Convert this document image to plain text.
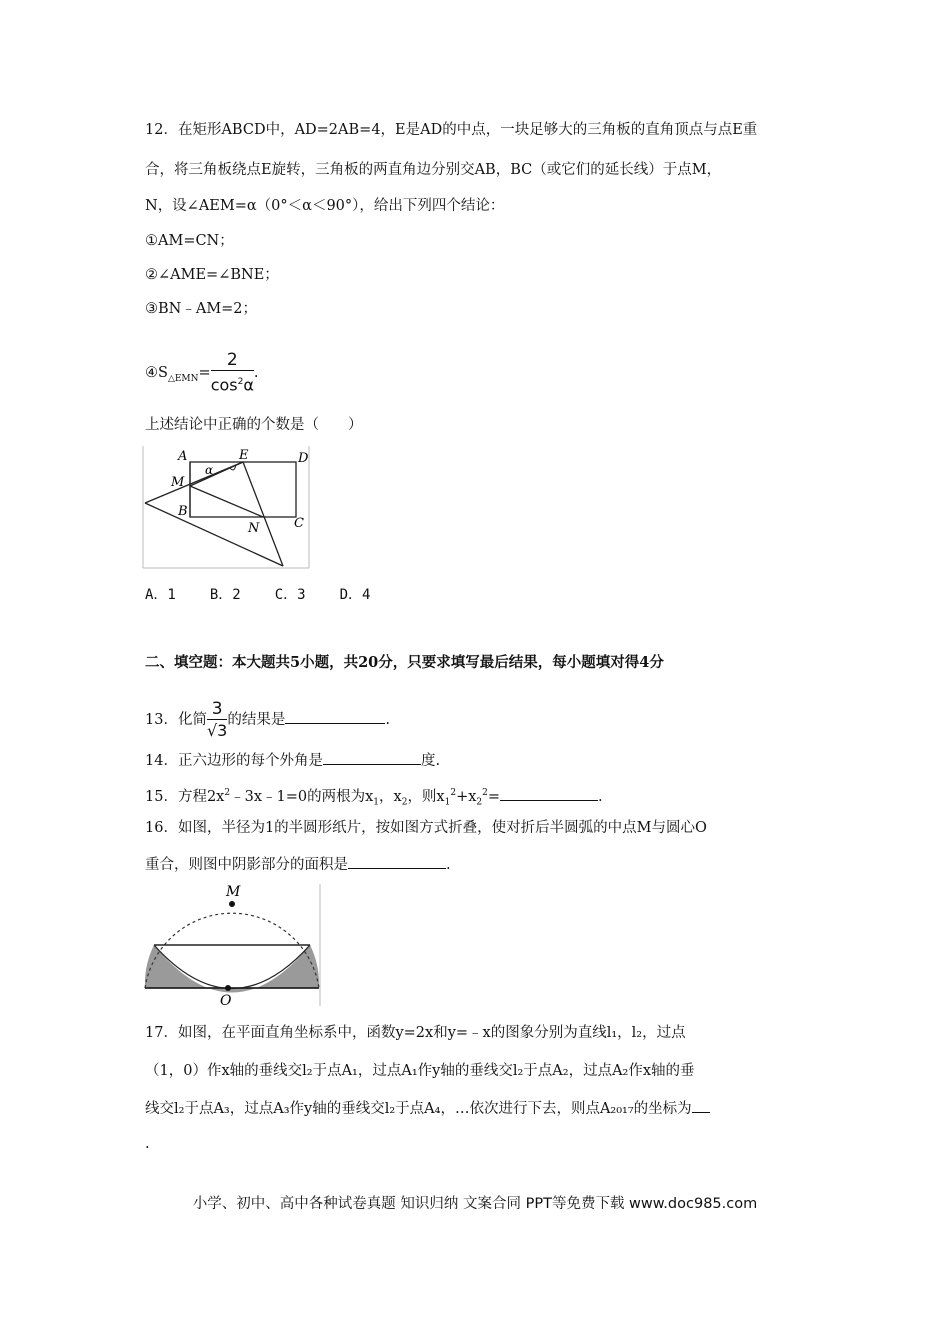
12．在矩形ABCD中，AD=2AB=4，E是AD的中点，一块足够大的三角板的直角顶点与点E重
合，将三角板绕点E旋转，三角板的两直角边分别交AB，BC（或它们的延长线）于点M，
N，设∠AEM=α（0°＜α＜90°），给出下列四个结论：
①AM=CN；
②∠AME=∠BNE；
③BN﹣AM=2；
$④S_{\triangle EMN}= \frac{2}{\cos^2\alpha}$ .
上述结论中正确的个数是（　　）
A	E	D
M
B
N	C
α
A．1 B．2 C．3 D．4
二、填空题：本大题共5小题，共20分，只要求填写最后结果，每小题填对得4分
13．化简 $\frac{3}{√3}$ 的结果是	.
14．正六边形的每个外角是	度.
15．方程$2x^2﹣3x﹣1=0$的两根为$x_1$，$x_2$，则$x_1^2+x_2^2=$	.
16．如图，半径为1的半圆形纸片，按如图方式折叠，使对折后半圆弧的中点M与圆心O
重合，则图中阴影部分的面积是	.
M
O
17．如图，在平面直角坐标系中，函数y=2x和y=﹣x的图象分别为直线l₁，l₂，过点
（1，0）作x轴的垂线交l₂于点A₁，过点A₁作y轴的垂线交l₂于点A₂，过点A₂作x轴的垂
线交l₂于点A₃，过点A₃作y轴的垂线交l₂于点A₄，…依次进行下去，则点A₂₀₁₇的坐标为
.
小学、初中、高中各种试卷真题 知识归纳 文案合同 PPT等免费下载 www.doc985.com
